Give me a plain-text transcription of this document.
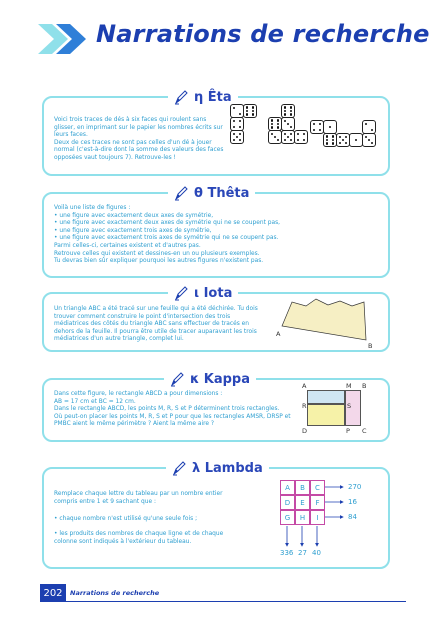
Narrations de recherche
η Êta

Voici trois traces de dés à six faces qui roulent sans glisser, en imprimant sur le papier les nombres écrits sur leurs faces.

Deux de ces traces ne sont pas celles d'un dé à jouer normal (c'est-à-dire dont la somme des valeurs des faces opposées vaut toujours 7). Retrouve-les !

θ Thêta

Voilà une liste de figures :

• une figure avec exactement deux axes de symétrie,

• une figure avec exactement deux axes de symétrie qui ne se coupent pas,

• une figure avec exactement trois axes de symétrie,

• une figure avec exactement trois axes de symétrie qui ne se coupent pas.

Parmi celles-ci, certaines existent et d'autres pas.

Retrouve celles qui existent et dessines-en un ou plusieurs exemples.

Tu devras bien sûr expliquer pourquoi les autres figures n'existent pas.

ι Iota

Un triangle ABC a été tracé sur une feuille qui a été déchirée. Tu dois trouver comment construire le point d'intersection des trois médiatrices des côtés du triangle ABC sans effectuer de tracés en dehors de la feuille. Il pourra être utile de tracer auparavant les trois médiatrices d'un autre triangle, complet lui.

A
B
κ Kappa

Dans cette figure, le rectangle ABCD a pour dimensions :

AB = 17 cm et BC = 12 cm.

Dans le rectangle ABCD, les points M, R, S et P déterminent trois rectangles.

Où peut-on placer les points M, R, S et P pour que les rectangles AMSR, DRSP et PMBC aient le même périmètre ? Aient la même aire ?

A	M B
R	S
D	P C
λ Lambda
Remplace chaque lettre du tableau par un nombre entier compris entre 1 et 9 sachant que :
• chaque nombre n'est utilisé qu'une seule fois ;
• les produits des nombres de chaque ligne et de chaque colonne sont indiqués à l'extérieur du tableau.
A	B	C
D	E	F
G	H	I
270
16
84
336 27 40
202	Narrations de recherche
